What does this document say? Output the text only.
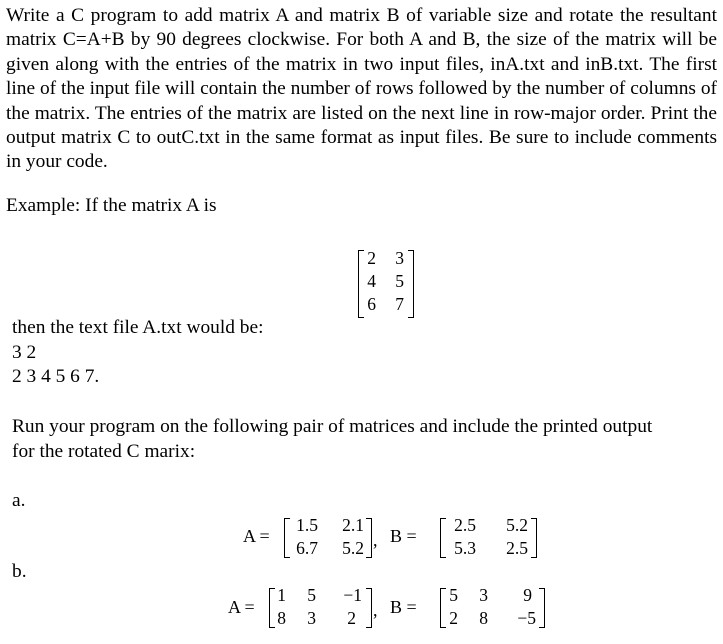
Write a C program to add matrix A and matrix B of variable size and rotate the resultant matrix C=A+B by 90 degrees clockwise. For both A and B, the size of the matrix will be given along with the entries of the matrix in two input files, inA.txt and inB.txt. The first line of the input file will contain the number of rows followed by the number of columns of the matrix. The entries of the matrix are listed on the next line in row-major order. Print the output matrix C to outC.txt in the same format as input files. Be sure to include comments in your code.
Example: If the matrix A is
2 3
4 5
6 7
then the text file A.txt would be:
3 2
2 3 4 5 6 7.
Run your program on the following pair of matrices and include the printed output
for the rotated C marix:
a.
A =
1.5	2.1
6.7	5.2 , B =
2.5	5.2
5.3	2.5
b.
A =
1	5	−1
8	3	2 , B =
5	3	9
2	8	−5
